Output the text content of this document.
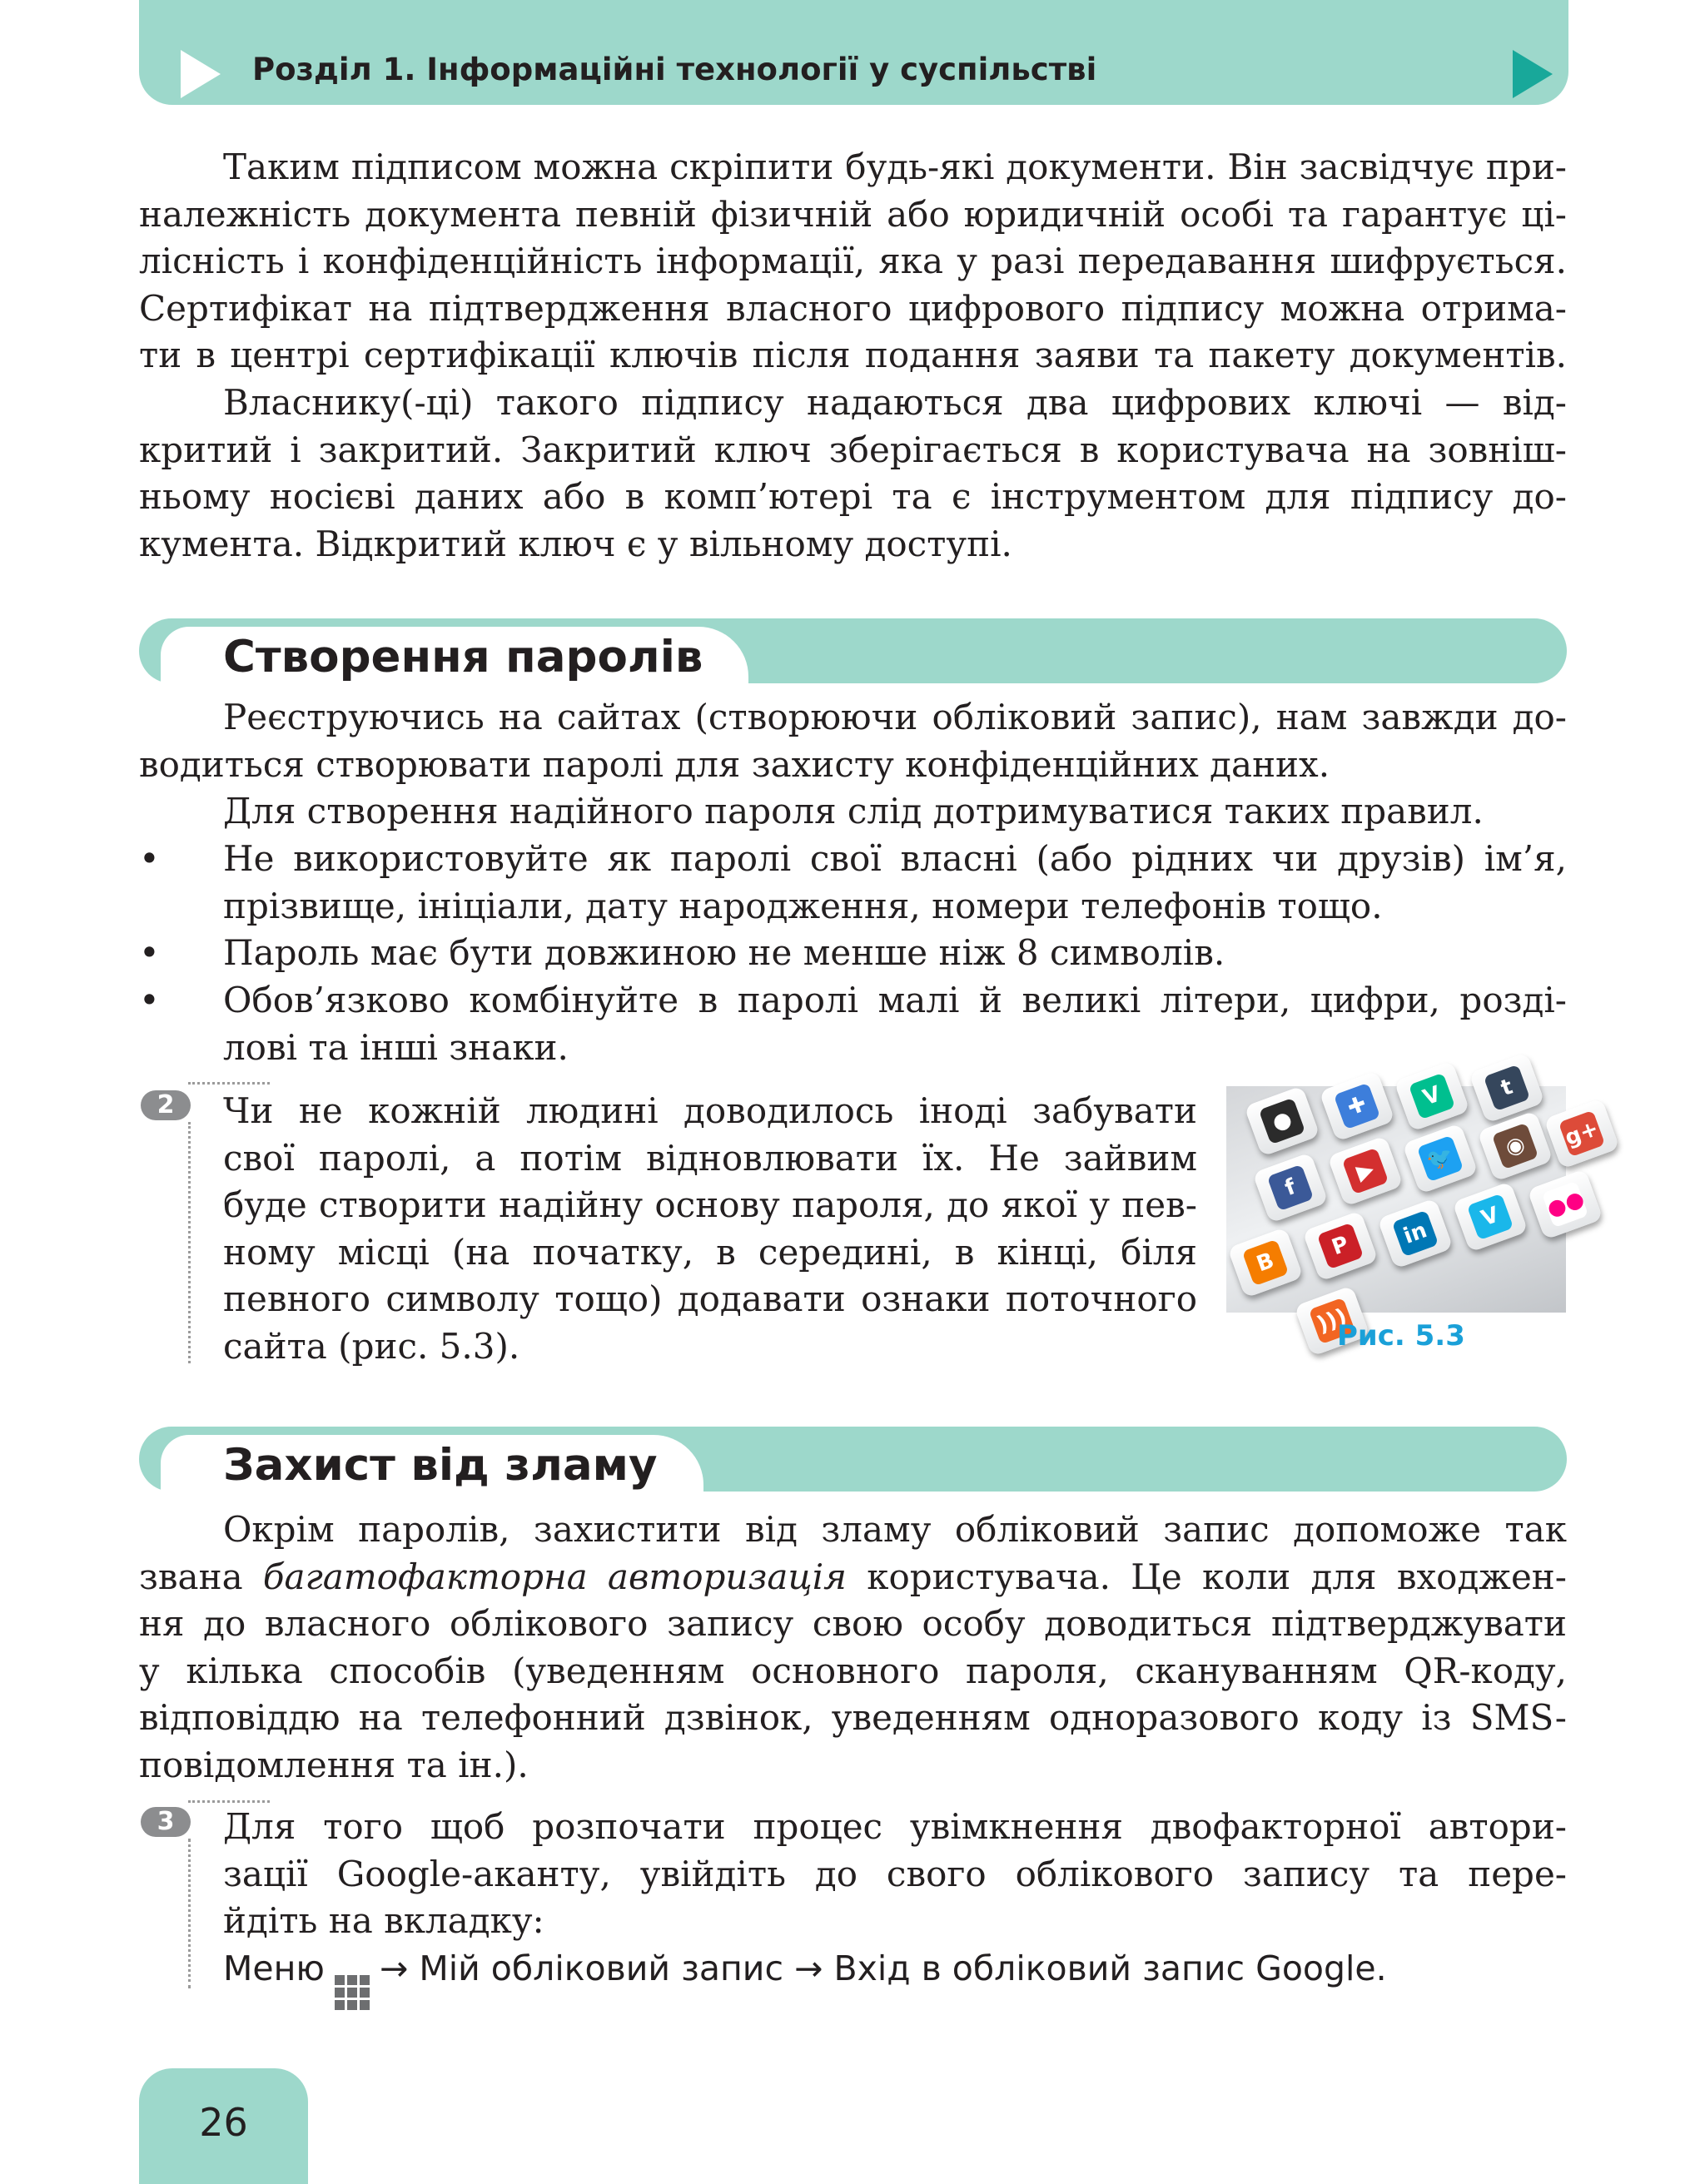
Розділ 1. Інформаційні технології у суспільстві
Таким підписом можна скріпити будь-які документи. Він засвідчує при-
належність документа певній фізичній або юридичній особі та гарантує ці-
лісність і конфіденційність інформації, яка у разі передавання шифрується.
Сертифікат на підтвердження власного цифрового підпису можна отрима-
ти в центрі сертифікації ключів після подання заяви та пакету документів.
Власнику(-ці) такого підпису надаються два цифрових ключі — від-
критий і закритий. Закритий ключ зберігається в користувача на зовніш-
ньому носієві даних або в комп’ютері та є інструментом для підпису до-
кумента. Відкритий ключ є у вільному доступі.
Створення паролів
Реєструючись на сайтах (створюючи обліковий запис), нам завжди до-
водиться створювати паролі для захисту конфіденційних даних.
Для створення надійного пароля слід дотримуватися таких правил.
•	Не використовуйте як паролі свої власні (або рідних чи друзів) ім’я,
прізвище, ініціали, дату народження, номери телефонів тощо.
•	Пароль має бути довжиною не менше ніж 8 символів.
•	Обов’язково комбінуйте в паролі малі й великі літери, цифри, розді-
лові та інші знаки.
2	Чи не кожній людині доводилось іноді забувати
свої паролі, а потім відновлювати їх. Не зайвим
буде створити надійну основу пароля, до якої у пев-
ному місці (на початку, в середині, в кінці, біля
певного символу тощо) додавати ознаки поточного
сайта (рис. 5.3).
●
✚	V	t
f
▶	🐦	◉	g+
B
P	in
V	●●
)))
Рис. 5.3
Захист від зламу
Окрім паролів, захистити від зламу обліковий запис допоможе так
звана багатофакторна авторизація користувача. Це коли для входжен-
ня до власного облікового запису свою особу доводиться підтверджувати
у кілька способів (уведенням основного пароля, скануванням QR-коду,
відповіддю на телефонний дзвінок, уведенням одноразового коду із SMS-
повідомлення та ін.).
3	Для того щоб розпочати процес увімкнення двофакторної автори-
зації Google-аканту, увійдіть до свого облікового запису та пере-
йдіть на вкладку:
Меню → Мій обліковий запис → Вхід в обліковий запис Google.
26
